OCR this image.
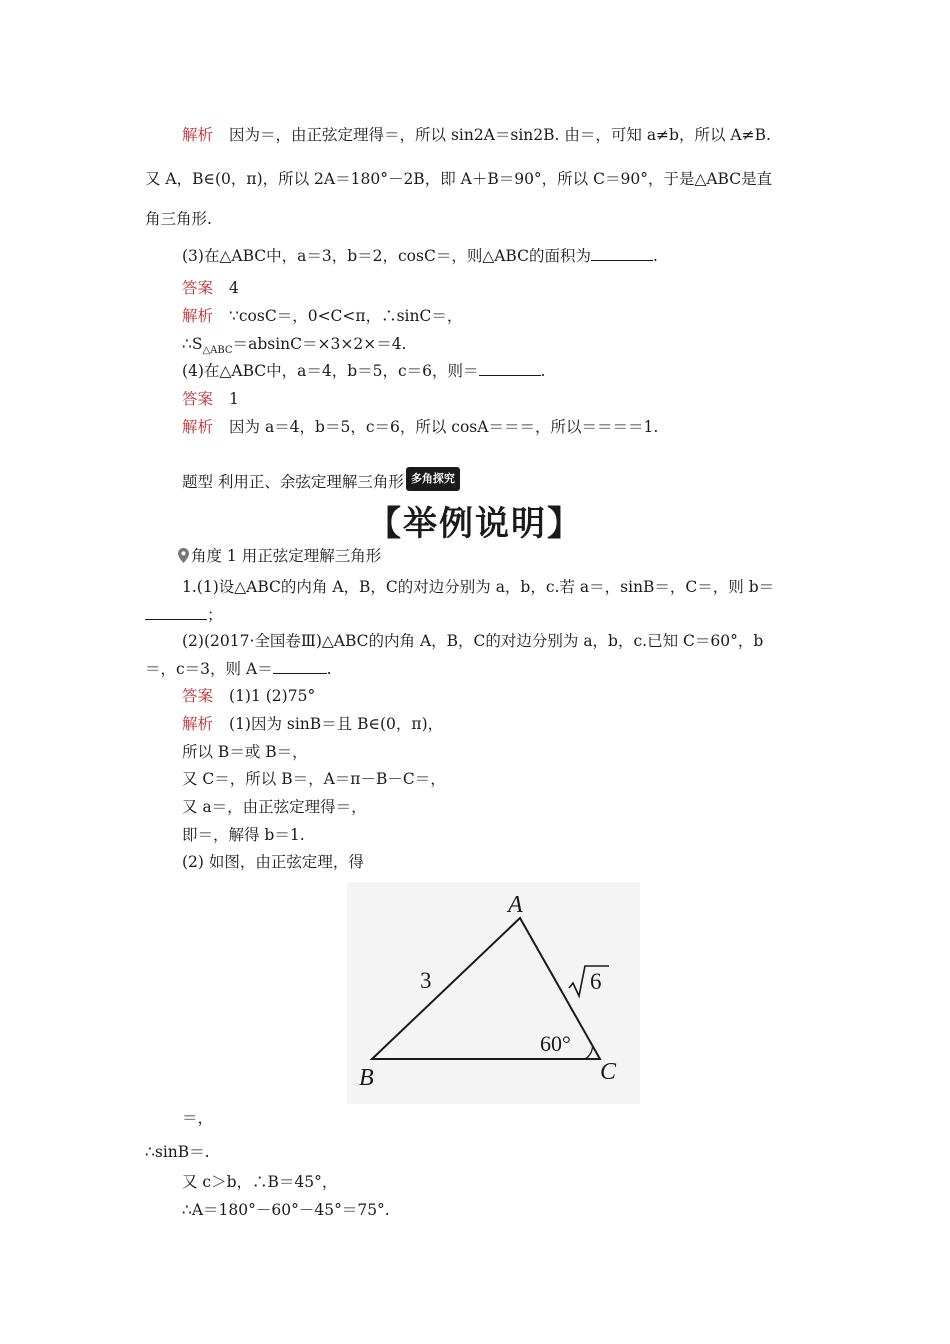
解析 因为＝，由正弦定理得＝，所以 sin2A＝sin2B. 由＝，可知 a≠b，所以 A≠B.
又 A，B∈(0，π)，所以 2A＝180°－2B，即 A＋B＝90°，所以 C＝90°，于是△ABC是直
角三角形.
(3)在△ABC中，a＝3，b＝2，cosC＝，则△ABC的面积为	.
答案 4
解析 ∵cosC＝，0<C<π，∴sinC＝，
$\therefore S_{\triangle ABC}=absinC=\times 3\times 2\times=4$.
(4)在△ABC中，a＝4，b＝5，c＝6，则＝	.
答案 1
解析 因为 a＝4，b＝5，c＝6，所以 cosA＝＝＝，所以＝＝＝＝1.
题型 利用正、余弦定理解三角形 多角探究
【举例说明】
角度 1 用正弦定理解三角形
1.(1)设△ABC的内角 A，B，C的对边分别为 a，b，c.若 a＝，sinB＝，C＝，则 b＝
；
(2)(2017·全国卷Ⅲ)△ABC的内角 A，B，C的对边分别为 a，b，c.已知 C＝60°，b
＝，c＝3，则 A＝	.
答案 (1)1 (2)75°
解析 (1)因为 sinB＝且 B∈(0，π)，
所以 B＝或 B＝，
又 C＝，所以 B＝，A＝π－B－C＝，
又 a＝，由正弦定理得＝，
即＝，解得 b＝1.
(2) 如图，由正弦定理，得
A
B	C
3	6
60°
＝，
∴sinB＝.
又 c＞b，∴B＝45°，
∴A＝180°－60°－45°＝75°.
